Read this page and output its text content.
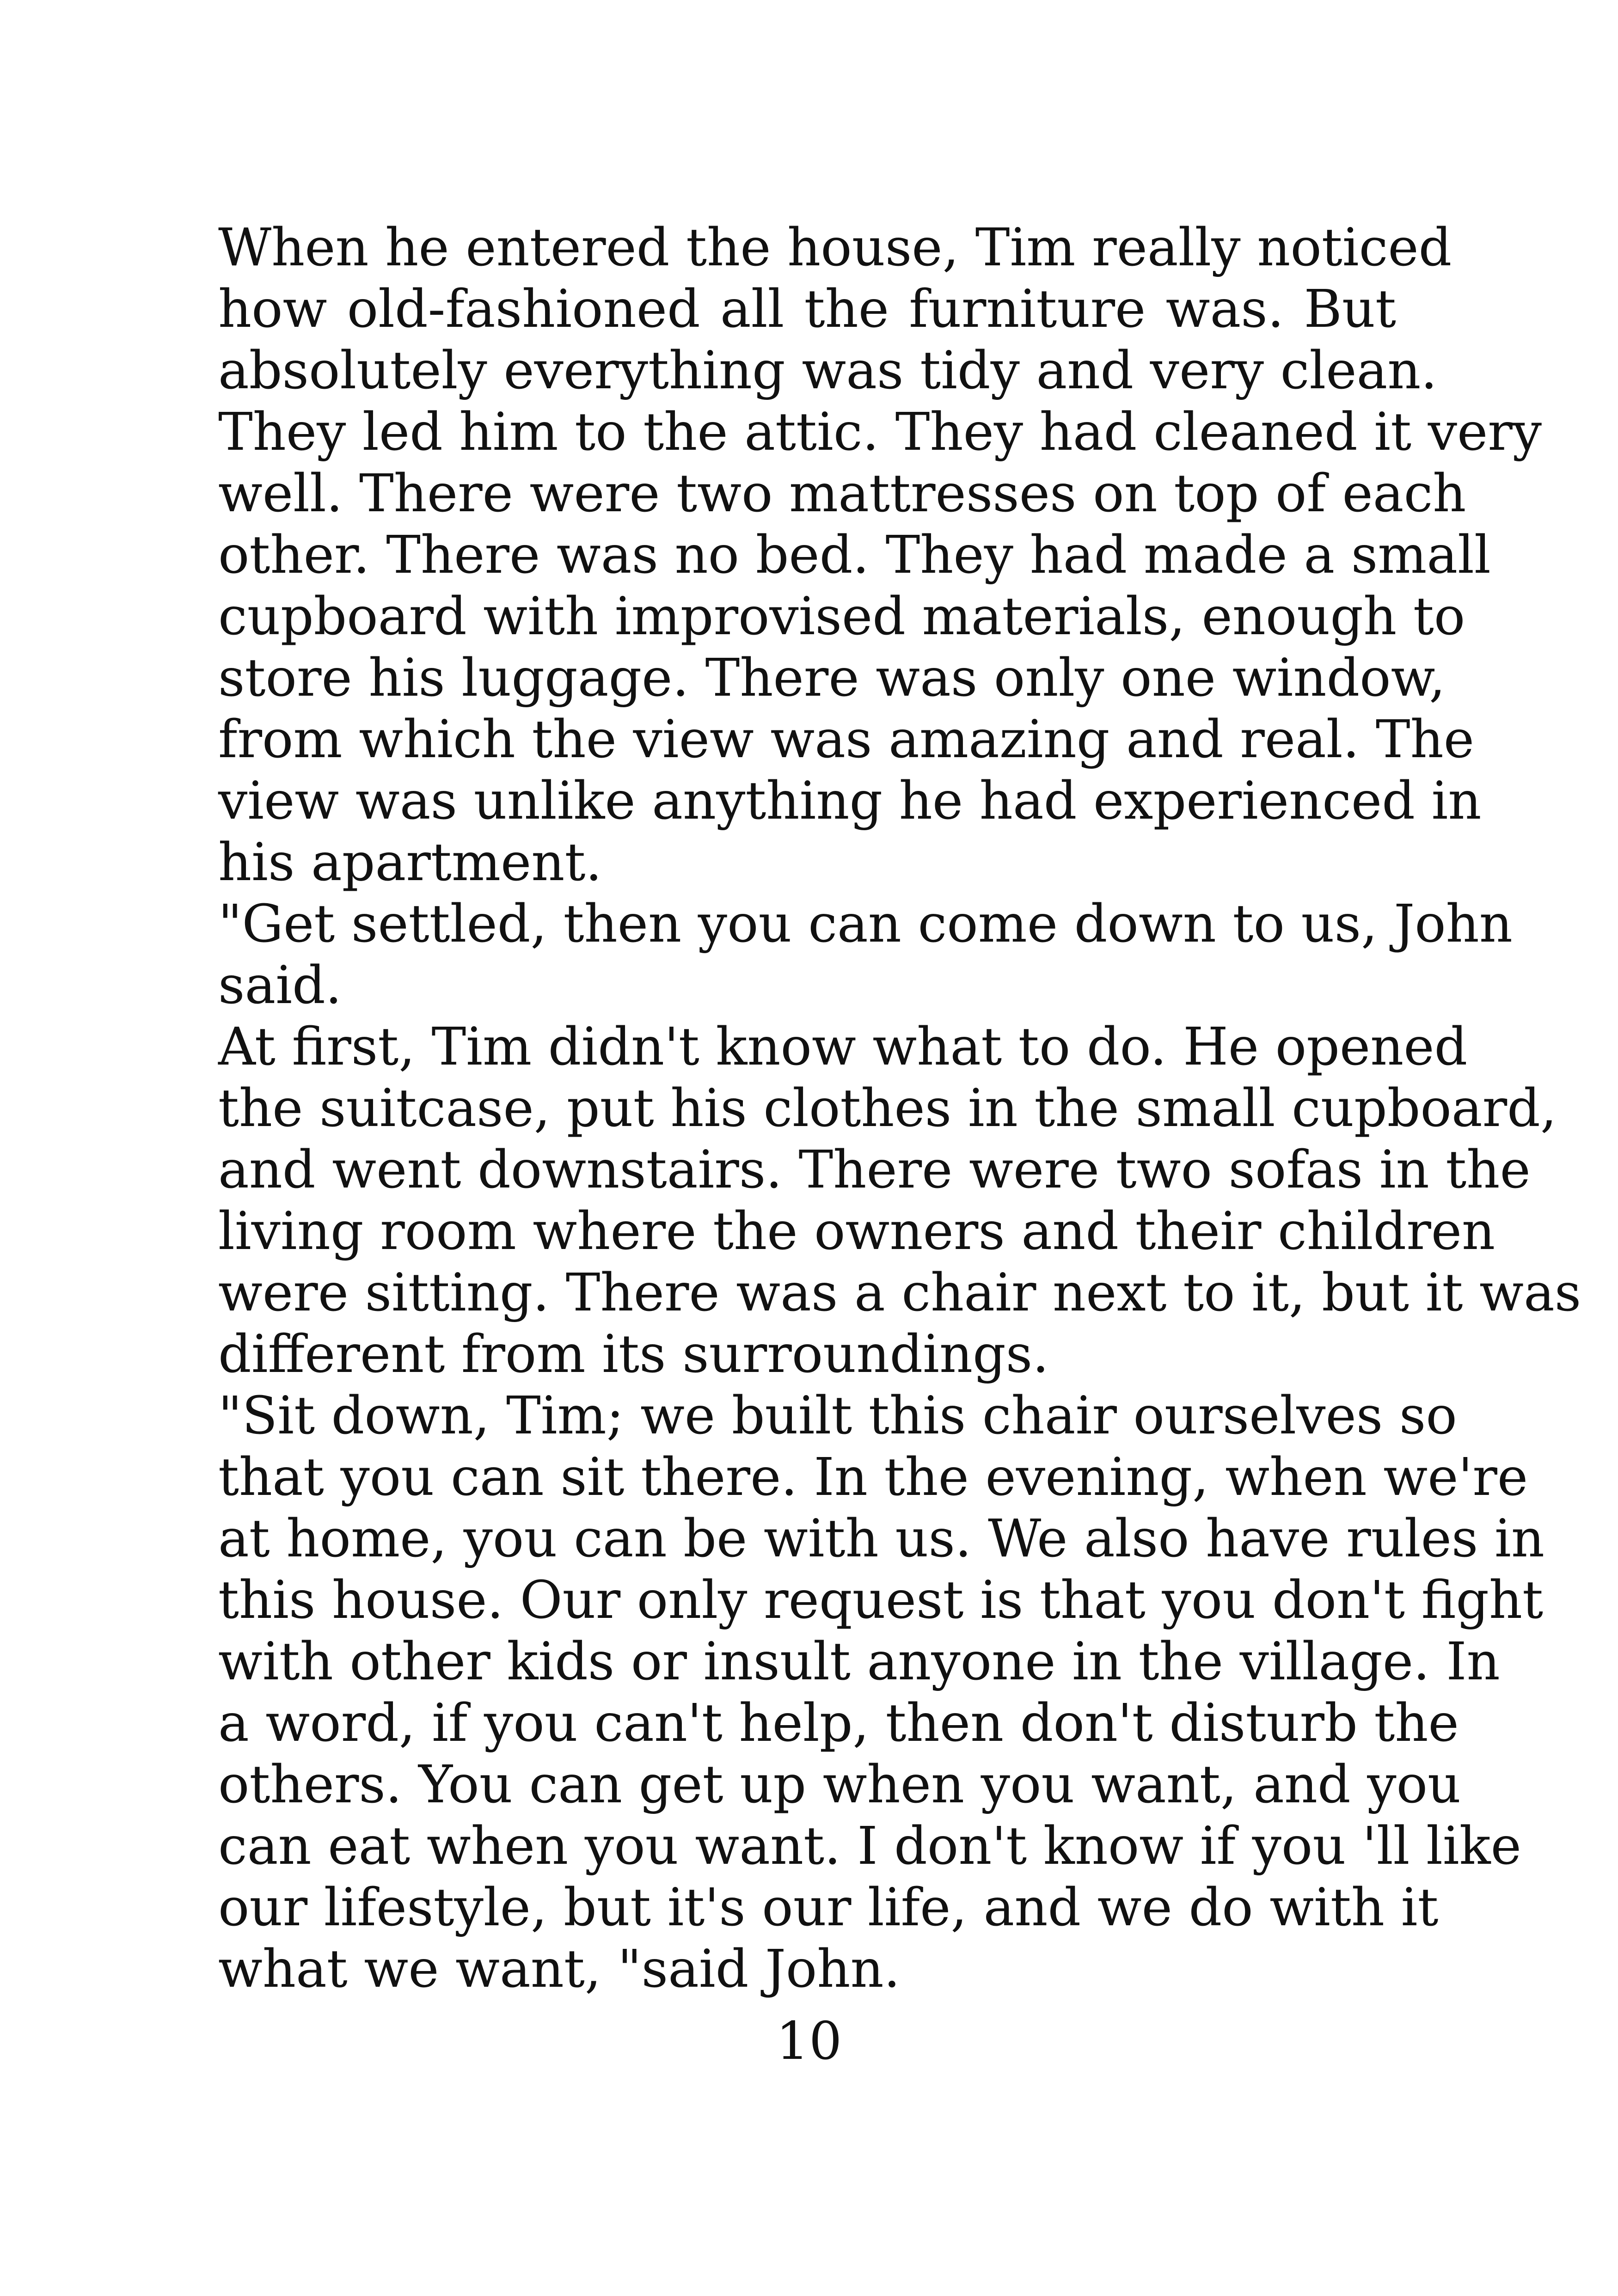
When he entered the house, Tim really noticed
how old-fashioned all the furniture was. But
absolutely everything was tidy and very clean.
They led him to the attic. They had cleaned it very
well. There were two mattresses on top of each
other. There was no bed. They had made a small
cupboard with improvised materials, enough to
store his luggage. There was only one window,
from which the view was amazing and real. The
view was unlike anything he had experienced in
his apartment.
"Get settled, then you can come down to us, John
said.
At first, Tim didn't know what to do. He opened
the suitcase, put his clothes in the small cupboard,
and went downstairs. There were two sofas in the
living room where the owners and their children
were sitting. There was a chair next to it, but it was
different from its surroundings.
"Sit down, Tim; we built this chair ourselves so
that you can sit there. In the evening, when we're
at home, you can be with us. We also have rules in
this house. Our only request is that you don't fight
with other kids or insult anyone in the village. In
a word, if you can't help, then don't disturb the
others. You can get up when you want, and you
can eat when you want. I don't know if you 'll like
our lifestyle, but it's our life, and we do with it
what we want, "said John.
10
